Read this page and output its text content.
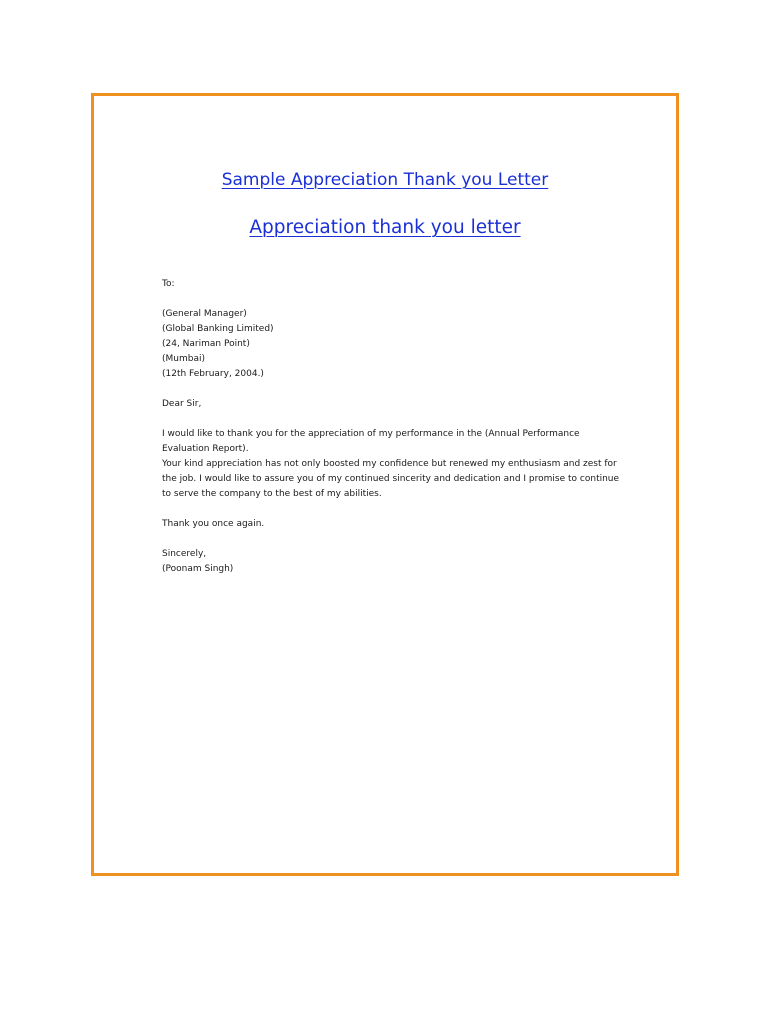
Sample Appreciation Thank you Letter
Appreciation thank you letter
To:
(General Manager)
(Global Banking Limited)
(24, Nariman Point)
(Mumbai)
(12th February, 2004.)
Dear Sir,
I would like to thank you for the appreciation of my performance in the (Annual Performance
Evaluation Report).
Your kind appreciation has not only boosted my confidence but renewed my enthusiasm and zest for
the job. I would like to assure you of my continued sincerity and dedication and I promise to continue
to serve the company to the best of my abilities.
Thank you once again.
Sincerely,
(Poonam Singh)
